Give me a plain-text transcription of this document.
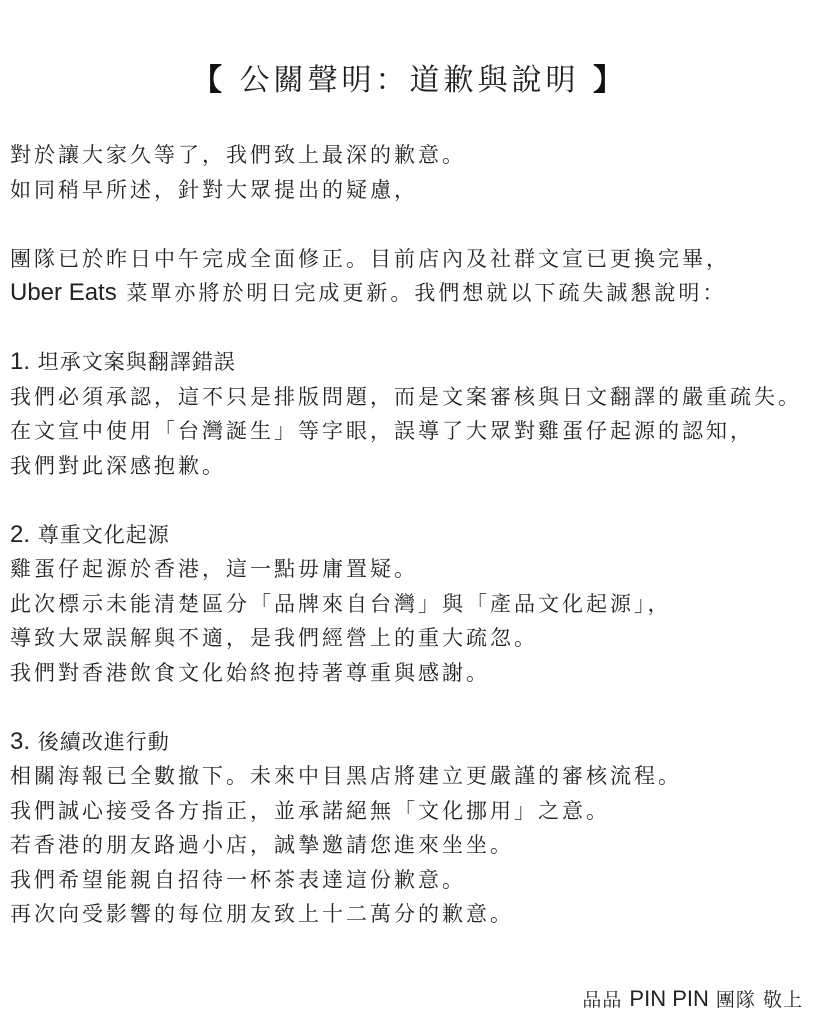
【 公關聲明：道歉與說明 】
對於讓大家久等了，我們致上最深的歉意。
如同稍早所述，針對大眾提出的疑慮，
團隊已於昨日中午完成全面修正。目前店內及社群文宣已更換完畢，
Uber Eats 菜單亦將於明日完成更新。我們想就以下疏失誠懇說明：
1. 坦承文案與翻譯錯誤
我們必須承認，這不只是排版問題，而是文案審核與日文翻譯的嚴重疏失。
在文宣中使用「台灣誕生」等字眼，誤導了大眾對雞蛋仔起源的認知，
我們對此深感抱歉。
2. 尊重文化起源
雞蛋仔起源於香港，這一點毋庸置疑。
此次標示未能清楚區分「品牌來自台灣」與「產品文化起源」，
導致大眾誤解與不適，是我們經營上的重大疏忽。
我們對香港飲食文化始終抱持著尊重與感謝。
3. 後續改進行動
相關海報已全數撤下。未來中目黑店將建立更嚴謹的審核流程。
我們誠心接受各方指正，並承諾絕無「文化挪用」之意。
若香港的朋友路過小店，誠摯邀請您進來坐坐。
我們希望能親自招待一杯茶表達這份歉意。
再次向受影響的每位朋友致上十二萬分的歉意。
品品 PIN PIN 團隊 敬上
